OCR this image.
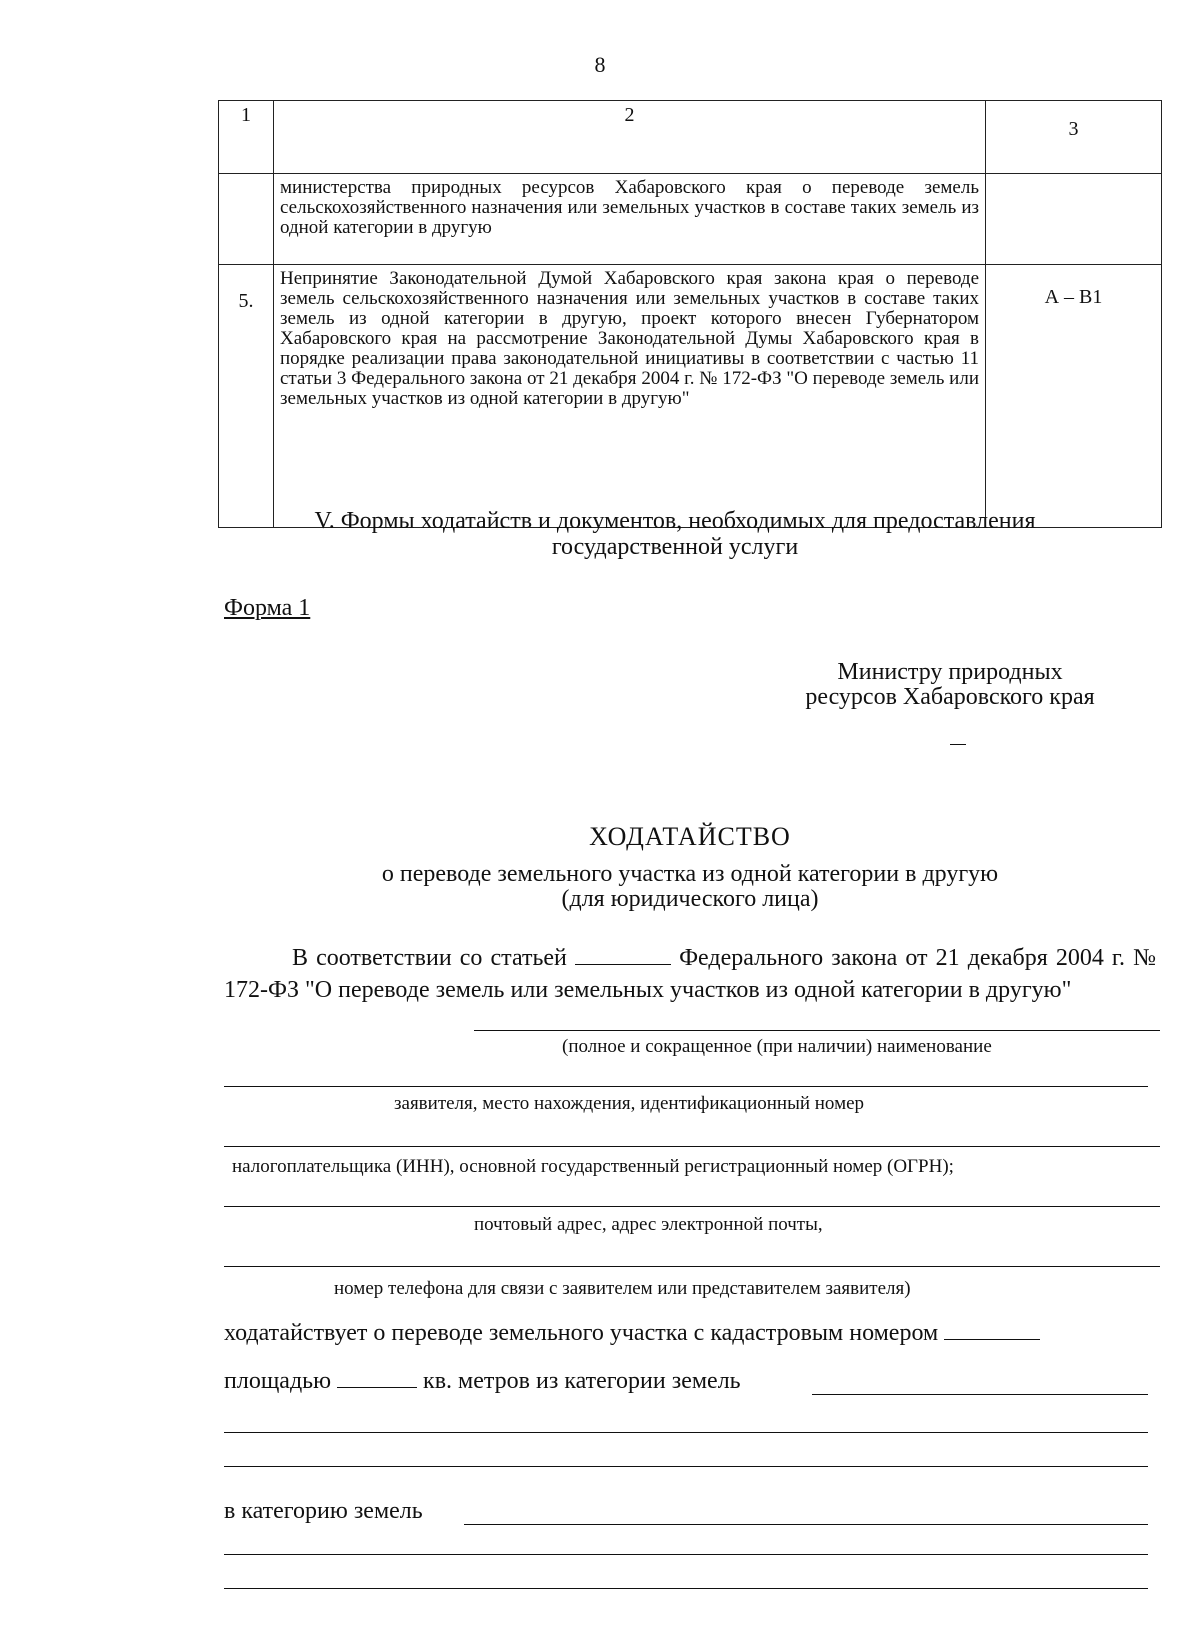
8
1	2	3
	министерства природных ресурсов Хабаровского края о переводе земель сельскохозяйственного назначения или земельных участков в составе таких земель из одной категории в другую	
5.	Непринятие Законодательной Думой Хабаровского края закона края о переводе земель сельскохозяйственного назначения или земельных участков в составе таких земель из одной категории в другую, проект которого внесен Губернатором Хабаровского края на рассмотрение Законодательной Думы Хабаровского края в порядке реализации права законодательной инициативы в соответствии с частью 11 статьи 3 Федерального закона от 21 декабря 2004 г. № 172-ФЗ "О переводе земель или земельных участков из одной категории в другую"	А – В1
V. Формы ходатайств и документов, необходимых для предоставления
государственной услуги
Форма 1
Министру природных
ресурсов Хабаровского края
ХОДАТАЙСТВО
о переводе земельного участка из одной категории в другую
(для юридического лица)
В соответствии со статьей	Федерального закона от 21 декабря 2004 г. № 172-ФЗ "О переводе земель или земельных участков из одной категории в другую"
(полное и сокращенное (при наличии) наименование
заявителя, место нахождения, идентификационный номер
налогоплательщика (ИНН), основной государственный регистрационный номер (ОГРН);
почтовый адрес, адрес электронной почты,
номер телефона для связи с заявителем или представителем заявителя)
ходатайствует о переводе земельного участка с кадастровым номером
площадью	кв. метров из категории земель
в категорию земель
